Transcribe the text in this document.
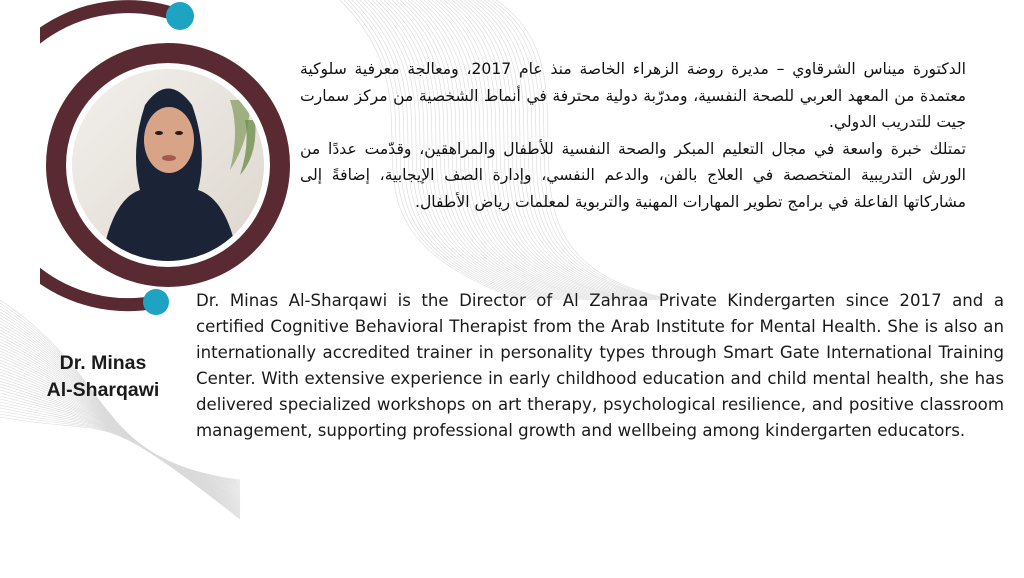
Dr. Minas
Al-Sharqawi

الدكتورة ميناس الشرقاوي – مديرة روضة الزهراء الخاصة منذ عام 2017، ومعالجة معرفية سلوكية معتمدة من المعهد العربي للصحة النفسية، ومدرّبة دولية محترفة في أنماط الشخصية من مركز سمارت جيت للتدريب الدولي.

تمتلك خبرة واسعة في مجال التعليم المبكر والصحة النفسية للأطفال والمراهقين، وقدّمت عددًا من الورش التدريبية المتخصصة في العلاج بالفن، والدعم النفسي، وإدارة الصف الإيجابية، إضافةً إلى مشاركاتها الفاعلة في برامج تطوير المهارات المهنية والتربوية لمعلمات رياض الأطفال.

Dr. Minas Al-Sharqawi is the Director of Al Zahraa Private Kindergarten since 2017 and a certified Cognitive Behavioral Therapist from the Arab Institute for Mental Health. She is also an internationally accredited trainer in personality types through Smart Gate International Training Center. With extensive experience in early childhood education and child mental health, she has delivered specialized workshops on art therapy, psychological resilience, and positive classroom management, supporting professional growth and wellbeing among kindergarten educators.
